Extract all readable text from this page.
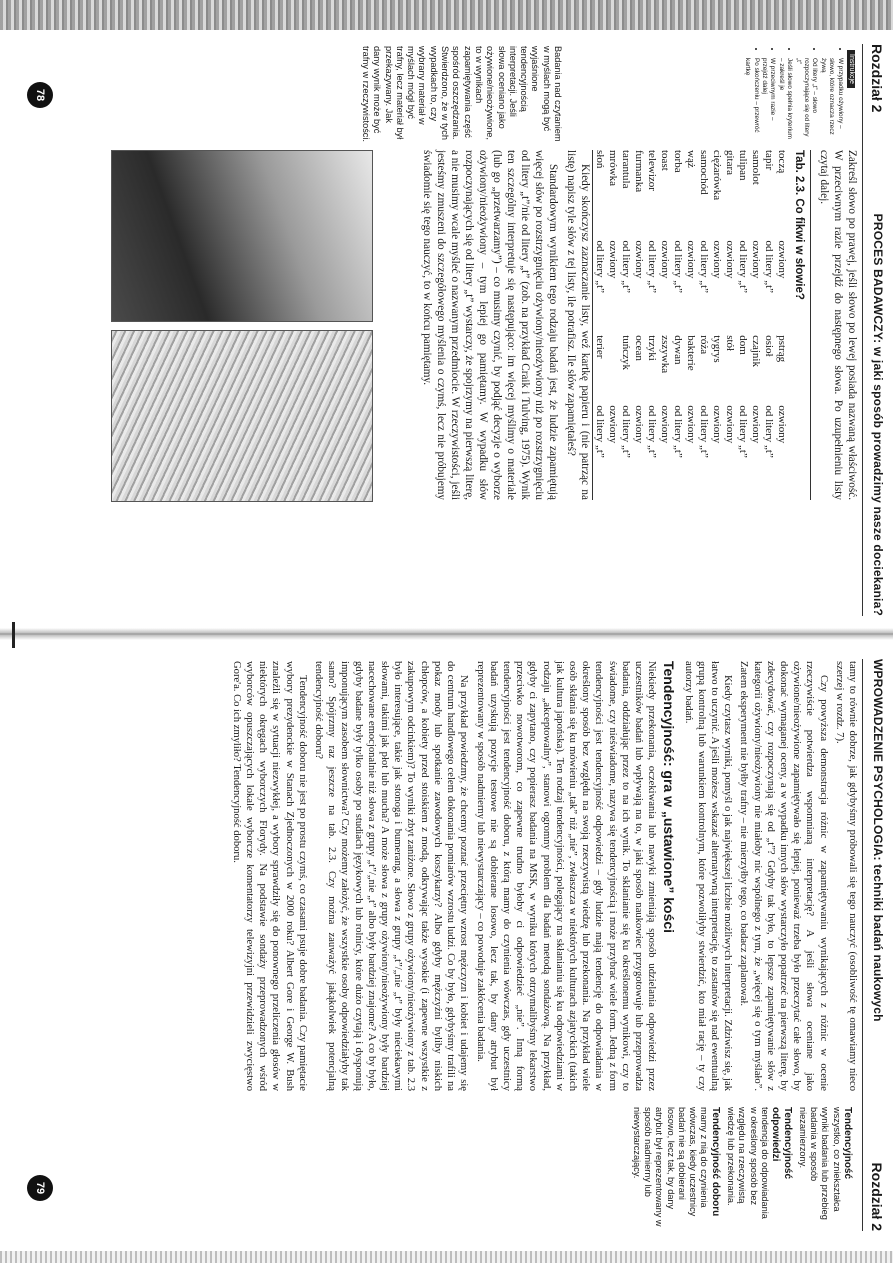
Rozdział 2
PROCES BADAWCZY: w jaki sposób prowadzimy nasze dociekania?

Zakreśl słowo po prawej, jeśli słowo po lewej posiada nazwaną właściwość. W przeciwnym razie przejdź do następnego słowa. Po uzupełnieniu listy czytaj dalej.

Tab. 2.3. Co fikwi w słowie?
toczą	ozwiony	pstrąg	ozwiony
tapir	od litery „t”	osioł	od litery „t”
samolot	ozwiony	czajnik	ozwiony
tulipan	od litery „t”	dom	od litery „t”
gitara	ozwiony	stół	ozwiony
ciężarówka	ozwiony	tygrys	ozwiony
samochód	od litery „t”	róża	od litery „t”
wąż	ozwiony	bakterie	ozwiony
torba	od litery „t”	dywan	od litery „t”
toast	ozwiony	zszywka	ozwiony
telewizor	od litery „t”	trzyki	od litery „t”
furmanka	ozwiony	ocean	ozwiony
tarantula	od litery „t”	tuńczyk	od litery „t”
mrówka	ozwiony		ozwiony
słoń	od litery „t”	terier	od litery „t”

Kiedy skończysz zaznaczanie listy, weź kartkę papieru i (nie patrząc na listę) napisz tyle słów z tej listy, ile potrafisz. Ile słów zapamiętałeś?

Standardowym wynikiem tego rodzaju badań jest, że ludzie zapamiętują więcej słów po rozstrzygnięciu ożywiony/nieożywiony niż po rozstrzygnięciu od litery „t”/nie od litery „t” (zob. na przykład Craik i Tulving, 1975). Wynik ten szczególny interpretuje się następująco: im więcej myślimy o materiale (lub go „przetwarzamy”) – co musimy czynić, by podjąć decyzje o wyborze ożywiony/nieożywiony – tym lepiej go pamiętamy. W wypadku słów rozpoczynających się od litery „t” wystarczy, że spojrzymy na pierwszą literę, a nie musimy wcale myśleć o nazwanym przedmiocie. W rzeczywistości, jeśli jesteśmy zmuszeni do szczegółowego myślenia o czymś, lecz nie próbujemy świadomie się tego nauczyć, to w końcu pamiętamy.

Instrukcje
• W przypadku ożywiony – słowo, które oznacza rzecz żywą
• Od litery „t” – słowo rozpoczynające się od litery „t”
• Jeśli słowo spełnia kryterium – zakreśl je
• W przeciwnym razie – przejdź dalej
• Po skończeniu – przewróć kartkę

Badania nad czytaniem w myślach mogą być wyjaśnione tendencyjnością interpretacji. Jeśli słowa oceniano jako ożywione/nieożywione, to w wynikach zapamiętywania część spośród oszczędzania. Stwierdzono, że w tych wypadkach to, czy wybrany materiał w myślach mógł być trafny, lecz materiał był przekazywany. Jak dany wynik może być trafny w rzeczywistości.

78
WPROWADZENIE PSYCHOLOGIA: techniki badań naukowych
Rozdział 2

tamy to równie dobrze, jak gdybyśmy próbowali się tego nauczyć (osobliwość tę omawiamy nieco szerzej w rozdz. 7).

Czy powyższa demonstracja różnic w zapamiętywaniu wynikających z różnic w ocenie rzeczywiście potwierdza wspomnianą interpretację? A jeśli słowa oceniane jako ożywione/nieożywione zapamiętywało się lepiej, ponieważ trzeba było przeczytać całe słowo, by dokonać wymaganej oceny, a w wypadku innych słów wystarczyło popatrzeć na pierwszą literę, by zdecydować, czy rozpoczynają się od „t”? Gdyby tak było, to lepsze zapamiętywanie słów z kategorii ożywiony/nieożywiony nie miałoby nic wspólnego z tym, że „więcej się o tym myślało”. Zatem eksperyment nie byłby trafny – nie mierzyłby tego, co badacz zaplanował.

Kiedy czytasz wyniki, pomyśl o jak największej liczbie możliwych interpretacji. Zdziwisz się, jak łatwo to uczynić. A jeśli możesz wskazać alternatywną interpretację, to zastanów się nad ewentualną grupą kontrolną lub warunkiem kontrolnym, które pozwoliłyby stwierdzić, kto miał rację – ty czy autorzy badań.

Tendencyjność: gra w „ustawione” kości

Niekiedy przekonania, oczekiwania lub nawyki zmieniają sposób udzielania odpowiedzi przez uczestników badań lub wpływają na to, w jaki sposób naukowiec przygotowuje lub przeprowadza badania, oddziałując przez to na ich wynik. To sklanianie się ku określonemu wynikowi, czy to świadome, czy nieświadome, nazywa się tendencyjnością i może przybrać wiele form. Jedną z form tendencyjności jest tendencyjność odpowiedzi – gdy ludzie mają tendencję do odpowiadania w określony sposób bez względu na swoją rzeczywistą wiedzę lub przekonania. Na przykład wiele osób skłania się ku mówieniu „tak” niż „nie”, zwłaszcza w niektórych kulturach azjatyckich (takich jak kultura japońska). Ten rodzaj tendencyjności, polegający na skłanianiu się ku odpowiedziami w rodzaju „akceptowalny”, stanowi ogromny problem dla badań metodą sondażową. Na przykład, gdyby ci zapytano, czy popierasz badania na MSK, w wyniku których otrzymalibyśmy lekarstwo przeciwko nowotworom, co zapewne trudno byłoby ci odpowiedzieć „nie”. Inną formą tendencyjności jest tendencyjność doboru, z którą mamy do czynienia wówczas, gdy uczestnicy badań uzyskują pozycje testowe nie są dobierane losowo, lecz tak, by dany atrybut był reprezentowany w sposób nadmierny lub niewystarczający – co powoduje zakłócenia badania.

Na przykład powiedzmy, że chcemy poznać przeciętny wzrost mężczyzn i kobiet i udajemy się do centrum handlowego celem dokonania pomiarów wzrostu ludzi. Co by było, gdybyśmy trafili na pokaz mody lub spotkanie zawodowych koszykarzy? Albo gdyby mężczyźni byliby niskich chłopców, a kobiety przed stoiskiem z modą, odkrywając także wysokie (i zapewne wszystkie z zakupowym odcinkiem)? To wyniki zbyt zaniżone. Słowo z grupy ożywiony/nieożywiony z tab. 2.3 było interesujące, takie jak stonoga i bumerang, a słowa z grupy „t”/„nie „t” były nieciekawymi słowami, takimi jak płot lub mucha? A może słowa z grupy ożywiony/nieożywiony były bardziej nacechowane emocjonalnie niż słowa z grupy „t”/„nie „t” albo były bardziej znajome? A co by było, gdyby badane były tylko osoby po studiach językowych lub rolnicy, które dużo czytają i dysponują imponującym zasobem słownictwa? Czy możemy założyć, że wszystkie osoby odpowiedziałyby tak samo? Spójrzmy raz jeszcze na tab. 2.3. Czy można zauważyć jakąkolwiek potencjalną tendencyjność doboru?

Tendencyjność doboru nie jest po prostu czymś, co czasami psuje dobre badania. Czy pamiętacie wybory prezydenckie w Stanach Zjednoczonych w 2000 roku? Albert Gore i George W. Bush znaleźli się w sytuacji niezwykłej, a wybory sprawdziły się do ponownego przeliczenia głosów w niektórych okręgach wyborczych Florydy. Na podstawie sondaży przeprowadzonych wśród wyborców opuszczających lokale wyborcze komentatorzy telewizyjni przewidzieli zwycięstwo Gore'a. Co ich zmyliło? Tendencyjność doboru.

Tendencyjność
wszystko, co zniekształca wyniki badania lub przebieg badania w sposób niezamierzony.

Tendencyjność odpowiedzi
tendencja do odpowiadania w określony sposób bez względu na rzeczywistą wiedzę lub przekonania.

Tendencyjność doboru
mamy z nią do czynienia wówczas, kiedy uczestnicy badań nie są dobierani losowo, lecz tak, by dany atrybut był reprezentowany w sposób nadmierny lub niewystarczający.

79
